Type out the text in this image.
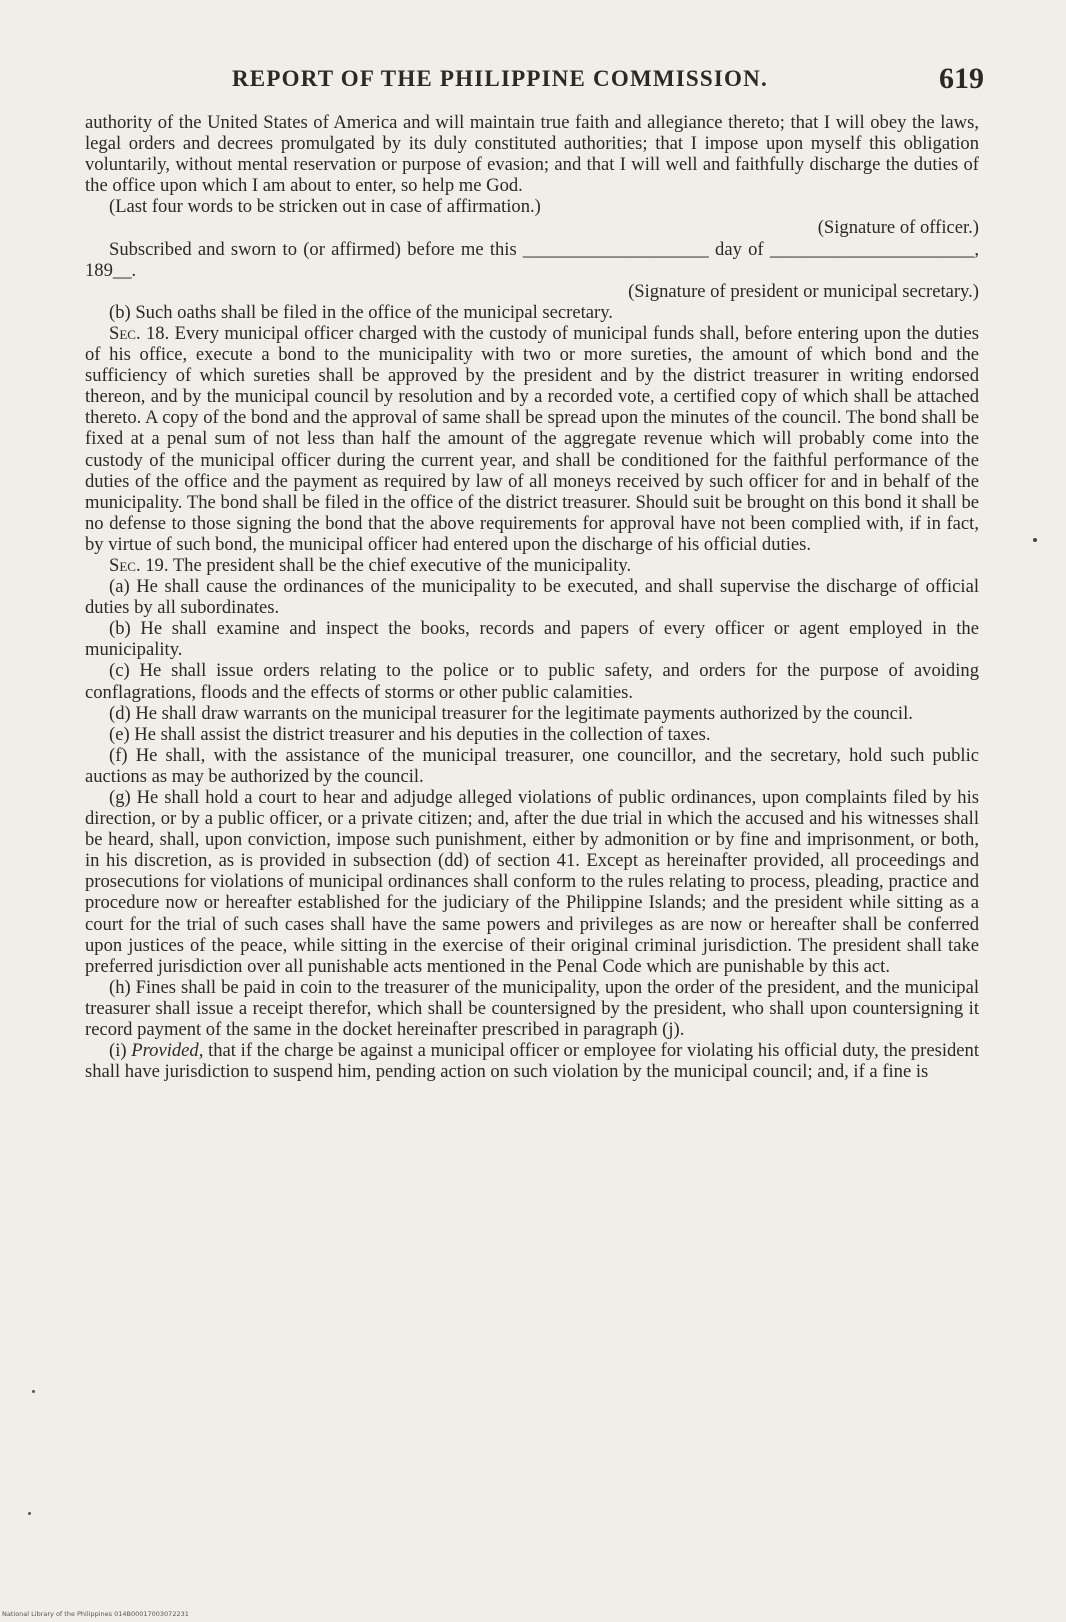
REPORT OF THE PHILIPPINE COMMISSION.	619

authority of the United States of America and will maintain true faith and allegiance thereto; that I will obey the laws, legal orders and decrees promulgated by its duly constituted authorities; that I impose upon myself this obligation voluntarily, without mental reservation or purpose of evasion; and that I will well and faithfully discharge the duties of the office upon which I am about to enter, so help me God.

(Last four words to be stricken out in case of affirmation.)

(Signature of officer.)

Subscribed and sworn to (or affirmed) before me this ____________________ day of ______________________, 189__.

(Signature of president or municipal secretary.)

(b) Such oaths shall be filed in the office of the municipal secretary.

Sec. 18. Every municipal officer charged with the custody of municipal funds shall, before entering upon the duties of his office, execute a bond to the municipality with two or more sureties, the amount of which bond and the sufficiency of which sureties shall be approved by the president and by the district treasurer in writing endorsed thereon, and by the municipal council by resolution and by a recorded vote, a certified copy of which shall be attached thereto. A copy of the bond and the approval of same shall be spread upon the minutes of the council. The bond shall be fixed at a penal sum of not less than half the amount of the aggregate revenue which will probably come into the custody of the municipal officer during the current year, and shall be conditioned for the faithful performance of the duties of the office and the payment as required by law of all moneys received by such officer for and in behalf of the municipality. The bond shall be filed in the office of the district treasurer. Should suit be brought on this bond it shall be no defense to those signing the bond that the above requirements for approval have not been complied with, if in fact, by virtue of such bond, the municipal officer had entered upon the discharge of his official duties.

Sec. 19. The president shall be the chief executive of the municipality.

(a) He shall cause the ordinances of the municipality to be executed, and shall supervise the discharge of official duties by all subordinates.

(b) He shall examine and inspect the books, records and papers of every officer or agent employed in the municipality.

(c) He shall issue orders relating to the police or to public safety, and orders for the purpose of avoiding conflagrations, floods and the effects of storms or other public calamities.

(d) He shall draw warrants on the municipal treasurer for the legitimate payments authorized by the council.

(e) He shall assist the district treasurer and his deputies in the collection of taxes.

(f) He shall, with the assistance of the municipal treasurer, one councillor, and the secretary, hold such public auctions as may be authorized by the council.

(g) He shall hold a court to hear and adjudge alleged violations of public ordinances, upon complaints filed by his direction, or by a public officer, or a private citizen; and, after the due trial in which the accused and his witnesses shall be heard, shall, upon conviction, impose such punishment, either by admonition or by fine and imprisonment, or both, in his discretion, as is provided in subsection (dd) of section 41. Except as hereinafter provided, all proceedings and prosecutions for violations of municipal ordinances shall conform to the rules relating to process, pleading, practice and procedure now or hereafter established for the judiciary of the Philippine Islands; and the president while sitting as a court for the trial of such cases shall have the same powers and privileges as are now or hereafter shall be conferred upon justices of the peace, while sitting in the exercise of their original criminal jurisdiction. The president shall take preferred jurisdiction over all punishable acts mentioned in the Penal Code which are punishable by this act.

(h) Fines shall be paid in coin to the treasurer of the municipality, upon the order of the president, and the municipal treasurer shall issue a receipt therefor, which shall be countersigned by the president, who shall upon countersigning it record payment of the same in the docket hereinafter prescribed in paragraph (j).

(i) Provided, that if the charge be against a municipal officer or employee for violating his official duty, the president shall have jurisdiction to suspend him, pending action on such violation by the municipal council; and, if a fine is

National Library of the Philippines 014B00017003072231
